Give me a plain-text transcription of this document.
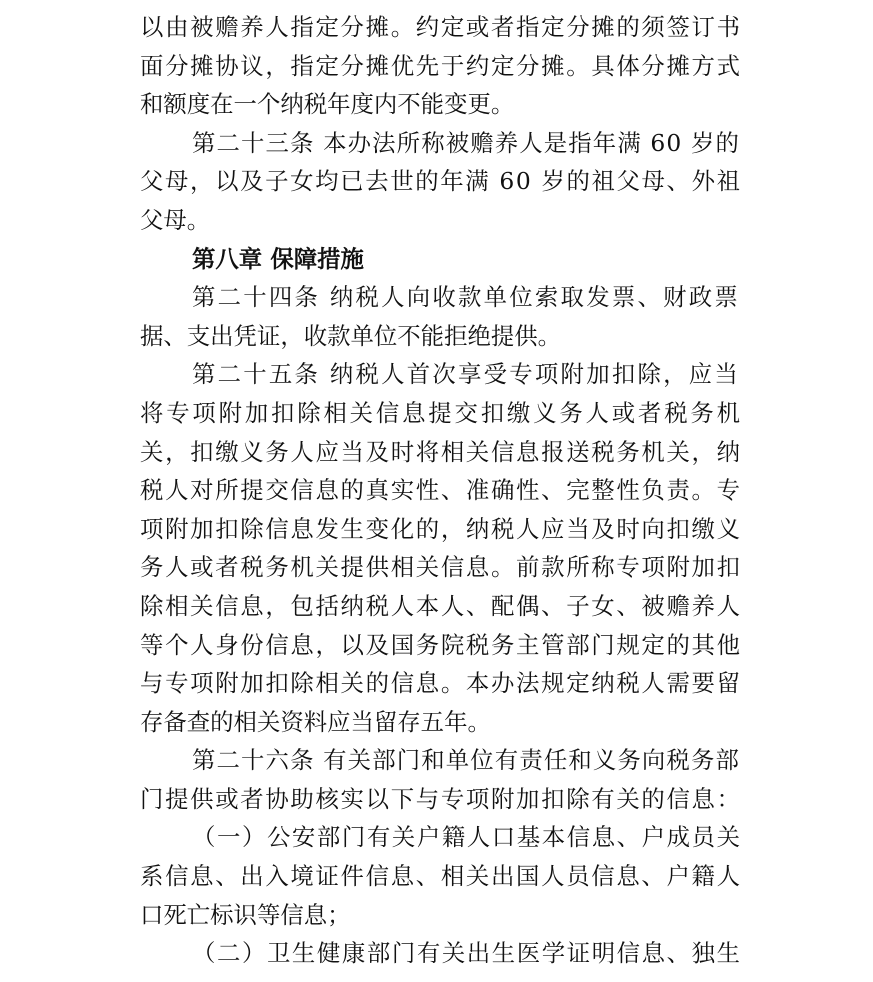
以由被赡养人指定分摊。约定或者指定分摊的须签订书
面分摊协议，指定分摊优先于约定分摊。具体分摊方式
和额度在一个纳税年度内不能变更。
第二十三条 本办法所称被赡养人是指年满 60 岁的
父母，以及子女均已去世的年满 60 岁的祖父母、外祖
父母。
第八章 保障措施
第二十四条 纳税人向收款单位索取发票、财政票
据、支出凭证，收款单位不能拒绝提供。
第二十五条 纳税人首次享受专项附加扣除，应当
将专项附加扣除相关信息提交扣缴义务人或者税务机
关，扣缴义务人应当及时将相关信息报送税务机关，纳
税人对所提交信息的真实性、准确性、完整性负责。专
项附加扣除信息发生变化的，纳税人应当及时向扣缴义
务人或者税务机关提供相关信息。前款所称专项附加扣
除相关信息，包括纳税人本人、配偶、子女、被赡养人
等个人身份信息，以及国务院税务主管部门规定的其他
与专项附加扣除相关的信息。本办法规定纳税人需要留
存备查的相关资料应当留存五年。
第二十六条 有关部门和单位有责任和义务向税务部
门提供或者协助核实以下与专项附加扣除有关的信息：
（一）公安部门有关户籍人口基本信息、户成员关
系信息、出入境证件信息、相关出国人员信息、户籍人
口死亡标识等信息；
（二）卫生健康部门有关出生医学证明信息、独生
